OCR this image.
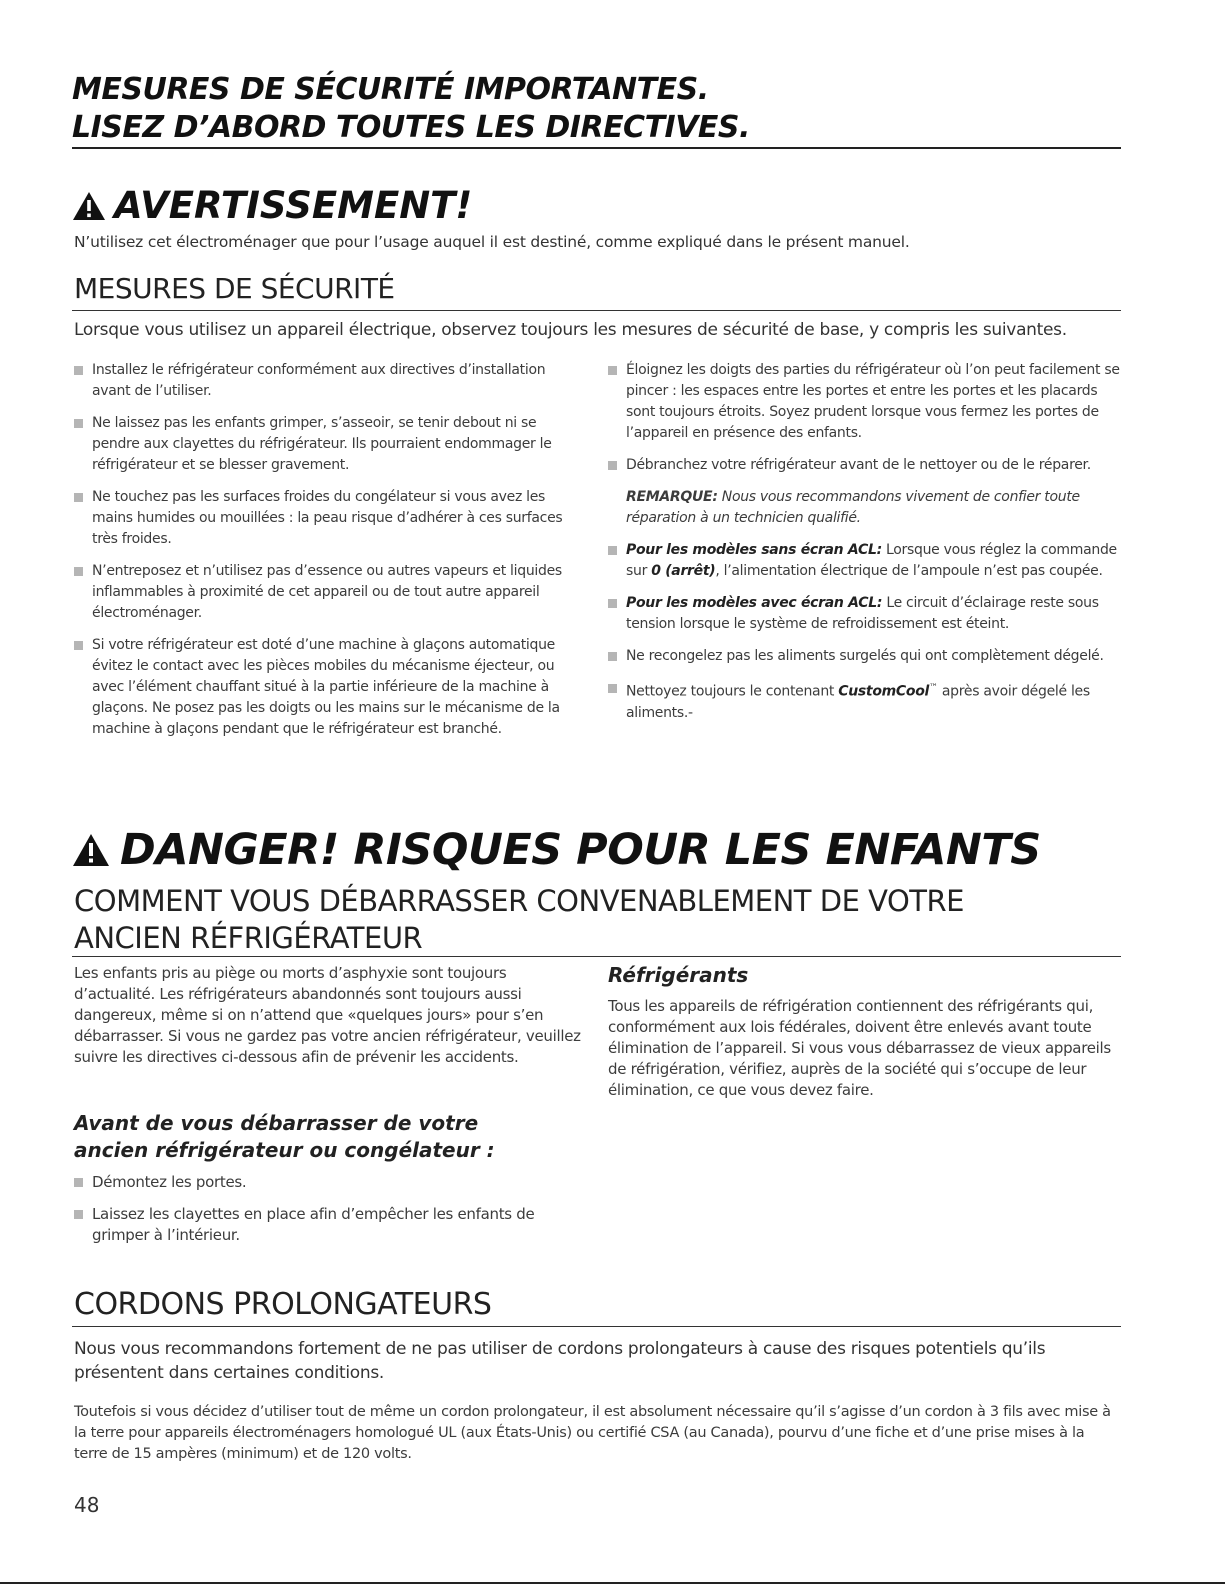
MESURES DE SÉCURITÉ IMPORTANTES.
LISEZ D’ABORD TOUTES LES DIRECTIVES.
AVERTISSEMENT!
N’utilisez cet électroménager que pour l’usage auquel il est destiné, comme expliqué dans le présent manuel.
MESURES DE SÉCURITÉ
Lorsque vous utilisez un appareil électrique, observez toujours les mesures de sécurité de base, y compris les suivantes.
Installez le réfrigérateur conformément aux directives d’installation avant de l’utiliser.
Ne laissez pas les enfants grimper, s’asseoir, se tenir debout ni se pendre aux clayettes du réfrigérateur. Ils pourraient endommager le réfrigérateur et se blesser gravement.
Ne touchez pas les surfaces froides du congélateur si vous avez les mains humides ou mouillées : la peau risque d’adhérer à ces surfaces très froides.
N’entreposez et n’utilisez pas d’essence ou autres vapeurs et liquides inflammables à proximité de cet appareil ou de tout autre appareil électroménager.
Si votre réfrigérateur est doté d’une machine à glaçons automatique évitez le contact avec les pièces mobiles du mécanisme éjecteur, ou avec l’élément chauffant situé à la partie inférieure de la machine à glaçons. Ne posez pas les doigts ou les mains sur le mécanisme de la machine à glaçons pendant que le réfrigérateur est branché.
Éloignez les doigts des parties du réfrigérateur où l’on peut facilement se pincer : les espaces entre les portes et entre les portes et les placards sont toujours étroits. Soyez prudent lorsque vous fermez les portes de l’appareil en présence des enfants.
Débranchez votre réfrigérateur avant de le nettoyer ou de le réparer.
REMARQUE: Nous vous recommandons vivement de confier toute réparation à un technicien qualifié.
Pour les modèles sans écran ACL: Lorsque vous réglez la commande sur 0 (arrêt), l’alimentation électrique de l’ampoule n’est pas coupée.
Pour les modèles avec écran ACL: Le circuit d’éclairage reste sous tension lorsque le système de refroidissement est éteint.
Ne recongelez pas les aliments surgelés qui ont complètement dégelé.
Nettoyez toujours le contenant CustomCool™ après avoir dégelé les aliments.-
DANGER! RISQUES POUR LES ENFANTS
COMMENT VOUS DÉBARRASSER CONVENABLEMENT DE VOTRE
ANCIEN RÉFRIGÉRATEUR
Les enfants pris au piège ou morts d’asphyxie sont toujours d’actualité. Les réfrigérateurs abandonnés sont toujours aussi dangereux, même si on n’attend que «quelques jours» pour s’en débarrasser. Si vous ne gardez pas votre ancien réfrigérateur, veuillez suivre les directives ci-dessous afin de prévenir les accidents.
Avant de vous débarrasser de votre ancien réfrigérateur ou congélateur :
Démontez les portes.
Laissez les clayettes en place afin d’empêcher les enfants de grimper à l’intérieur.
Réfrigérants
Tous les appareils de réfrigération contiennent des réfrigérants qui, conformément aux lois fédérales, doivent être enlevés avant toute élimination de l’appareil. Si vous vous débarrassez de vieux appareils de réfrigération, vérifiez, auprès de la société qui s’occupe de leur élimination, ce que vous devez faire.
CORDONS PROLONGATEURS
Nous vous recommandons fortement de ne pas utiliser de cordons prolongateurs à cause des risques potentiels qu’ils
présentent dans certaines conditions.
Toutefois si vous décidez d’utiliser tout de même un cordon prolongateur, il est absolument nécessaire qu’il s’agisse d’un cordon à 3 fils avec mise à la terre pour appareils électroménagers homologué UL (aux États-Unis) ou certifié CSA (au Canada), pourvu d’une fiche et d’une prise mises à la terre de 15 ampères (minimum) et de 120 volts.
48
